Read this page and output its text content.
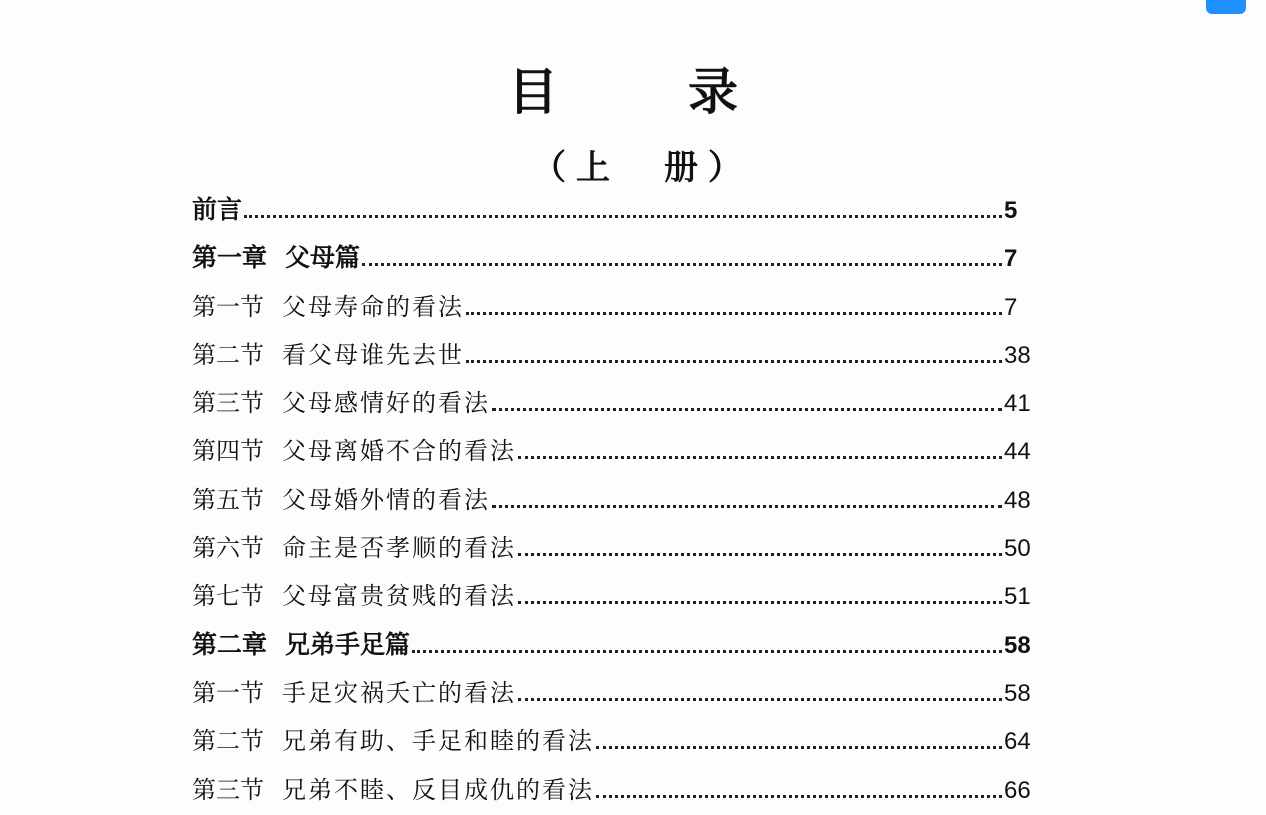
目　录
（上　册）
前言	5
第一章 父母篇	7
第一节 父母寿命的看法	7
第二节 看父母谁先去世	38
第三节 父母感情好的看法	41
第四节 父母离婚不合的看法	44
第五节 父母婚外情的看法	48
第六节 命主是否孝顺的看法	50
第七节 父母富贵贫贱的看法	51
第二章 兄弟手足篇	58
第一节 手足灾祸夭亡的看法	58
第二节 兄弟有助、手足和睦的看法	64
第三节 兄弟不睦、反目成仇的看法	66
